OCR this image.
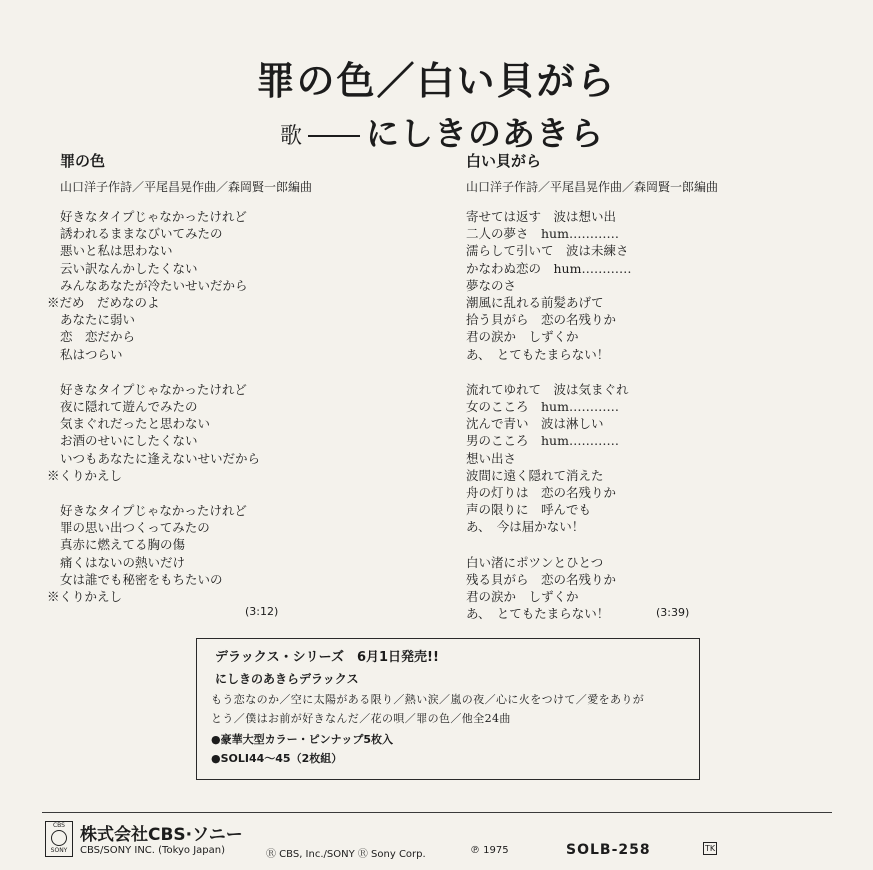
罪の色／白い貝がら
歌 にしきのあきら
罪の色
山口洋子作詩／平尾昌晃作曲／森岡賢一郎編曲
好きなタイプじゃなかったけれど
誘われるままなびいてみたの
悪いと私は思わない
云い訳なんかしたくない
みんなあなたが冷たいせいだから
※だめ　だめなのよ
あなたに弱い
恋　恋だから
私はつらい
好きなタイプじゃなかったけれど
夜に隠れて遊んでみたの
気まぐれだったと思わない
お酒のせいにしたくない
いつもあなたに逢えないせいだから
※くりかえし
好きなタイプじゃなかったけれど
罪の思い出つくってみたの
真赤に燃えてる胸の傷
痛くはないの熱いだけ
女は誰でも秘密をもちたいの
※くりかえし
白い貝がら
山口洋子作詩／平尾昌晃作曲／森岡賢一郎編曲
寄せては返す　波は想い出
二人の夢さ　hum…………
濡らして引いて　波は未練さ
かなわぬ恋の　hum…………
夢なのさ
潮風に乱れる前髪あげて
拾う貝がら　恋の名残りか
君の涙か　しずくか
あ、　とてもたまらない！
流れてゆれて　波は気まぐれ
女のこころ　hum…………
沈んで青い　波は淋しい
男のこころ　hum…………
想い出さ
波間に遠く隠れて消えた
舟の灯りは　恋の名残りか
声の限りに　呼んでも
あ、　今は届かない！
白い渚にポツンとひとつ
残る貝がら　恋の名残りか
君の涙か　しずくか
あ、　とてもたまらない！
(3:12)	(3:39)
デラックス・シリーズ　6月1日発売!!
にしきのあきらデラックス
もう恋なのか／空に太陽がある限り／熱い涙／嵐の夜／心に火をつけて／愛をありが
とう／僕はお前が好きなんだ／花の唄／罪の色／他全24曲
●豪華大型カラー・ピンナップ5枚入
●SOLI44〜45（2枚組）
CBS
SONY
株式会社CBS·ソニー
CBS/SONY INC. (Tokyo Japan)	Ⓡ CBS, Inc./SONY Ⓡ Sony Corp.	℗ 1975	SOLB-258	TK
